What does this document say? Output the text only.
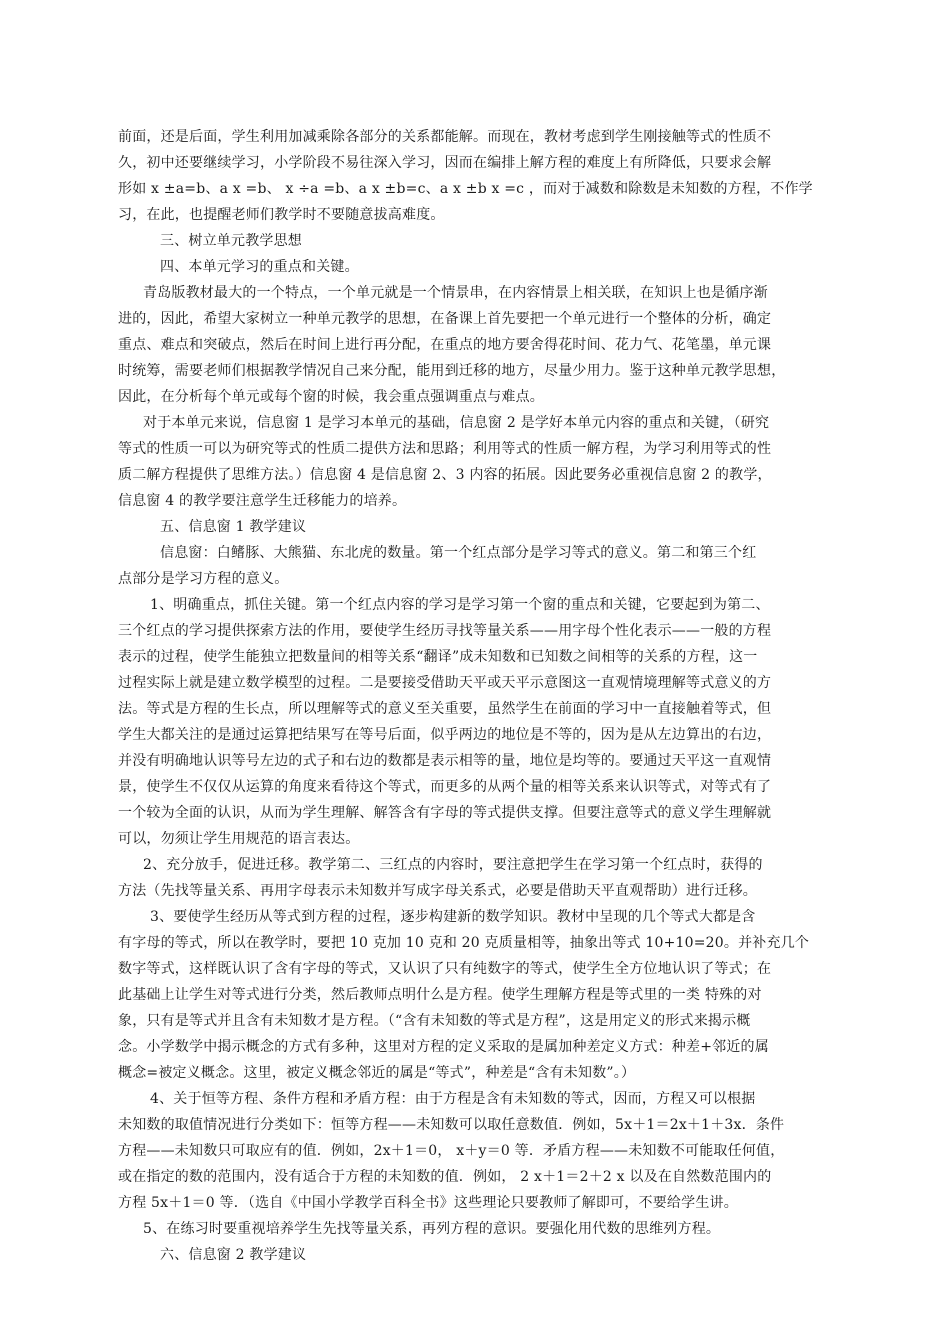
前面，还是后面，学生利用加减乘除各部分的关系都能解。而现在，教材考虑到学生刚接触等式的性质不
久，初中还要继续学习，小学阶段不易往深入学习，因而在编排上解方程的难度上有所降低，只要求会解
形如 x ±a=b、a x =b、 x ÷a =b、a x ±b=c、a x ±b x =c ，而对于减数和除数是未知数的方程，不作学
习，在此，也提醒老师们教学时不要随意拔高难度。
三、树立单元教学思想
四、本单元学习的重点和关键。
青岛版教材最大的一个特点，一个单元就是一个情景串，在内容情景上相关联，在知识上也是循序渐
进的，因此，希望大家树立一种单元教学的思想，在备课上首先要把一个单元进行一个整体的分析，确定
重点、难点和突破点，然后在时间上进行再分配，在重点的地方要舍得花时间、花力气、花笔墨，单元课
时统筹，需要老师们根据教学情况自己来分配，能用到迁移的地方，尽量少用力。鉴于这种单元教学思想，
因此，在分析每个单元或每个窗的时候，我会重点强调重点与难点。
对于本单元来说，信息窗 1 是学习本单元的基础，信息窗 2 是学好本单元内容的重点和关键，（研究
等式的性质一可以为研究等式的性质二提供方法和思路；利用等式的性质一解方程，为学习利用等式的性
质二解方程提供了思维方法。）信息窗 4 是信息窗 2、3 内容的拓展。因此要务必重视信息窗 2 的教学，
信息窗 4 的教学要注意学生迁移能力的培养。
五、信息窗 1 教学建议
信息窗：白鳍豚、大熊猫、东北虎的数量。第一个红点部分是学习等式的意义。第二和第三个红
点部分是学习方程的意义。
1、明确重点，抓住关键。第一个红点内容的学习是学习第一个窗的重点和关键，它要起到为第二、
三个红点的学习提供探索方法的作用，要使学生经历寻找等量关系——用字母个性化表示——一般的方程
表示的过程，使学生能独立把数量间的相等关系“翻译”成未知数和已知数之间相等的关系的方程，这一
过程实际上就是建立数学模型的过程。二是要接受借助天平或天平示意图这一直观情境理解等式意义的方
法。等式是方程的生长点，所以理解等式的意义至关重要，虽然学生在前面的学习中一直接触着等式，但
学生大都关注的是通过运算把结果写在等号后面，似乎两边的地位是不等的，因为是从左边算出的右边，
并没有明确地认识等号左边的式子和右边的数都是表示相等的量，地位是均等的。要通过天平这一直观情
景，使学生不仅仅从运算的角度来看待这个等式，而更多的从两个量的相等关系来认识等式，对等式有了
一个较为全面的认识，从而为学生理解、解答含有字母的等式提供支撑。但要注意等式的意义学生理解就
可以，勿须让学生用规范的语言表达。
2、充分放手，促进迁移。教学第二、三红点的内容时，要注意把学生在学习第一个红点时，获得的
方法（先找等量关系、再用字母表示未知数并写成字母关系式，必要是借助天平直观帮助）进行迁移。
3、要使学生经历从等式到方程的过程，逐步构建新的数学知识。教材中呈现的几个等式大都是含
有字母的等式，所以在教学时，要把 10 克加 10 克和 20 克质量相等，抽象出等式 10+10=20。并补充几个
数字等式，这样既认识了含有字母的等式，又认识了只有纯数字的等式，使学生全方位地认识了等式；在
此基础上让学生对等式进行分类，然后教师点明什么是方程。使学生理解方程是等式里的一类 特殊的对
象，只有是等式并且含有未知数才是方程。（“含有未知数的等式是方程”，这是用定义的形式来揭示概
念。小学数学中揭示概念的方式有多种，这里对方程的定义采取的是属加种差定义方式：种差+邻近的属
概念=被定义概念。这里，被定义概念邻近的属是“等式”，种差是“含有未知数”。）
4、关于恒等方程、条件方程和矛盾方程：由于方程是含有未知数的等式，因而，方程又可以根据
未知数的取值情况进行分类如下：恒等方程——未知数可以取任意数值．例如，5x＋1＝2x＋1＋3x．条件
方程——未知数只可取应有的值．例如，2x＋1＝0， x＋y＝0 等．矛盾方程——未知数不可能取任何值，
或在指定的数的范围内，没有适合于方程的未知数的值．例如， 2 x＋1＝2＋2 x 以及在自然数范围内的
方程 5x＋1＝0 等．（选自《中国小学教学百科全书》这些理论只要教师了解即可，不要给学生讲。
5、在练习时要重视培养学生先找等量关系，再列方程的意识。要强化用代数的思维列方程。
六、信息窗 2 教学建议
